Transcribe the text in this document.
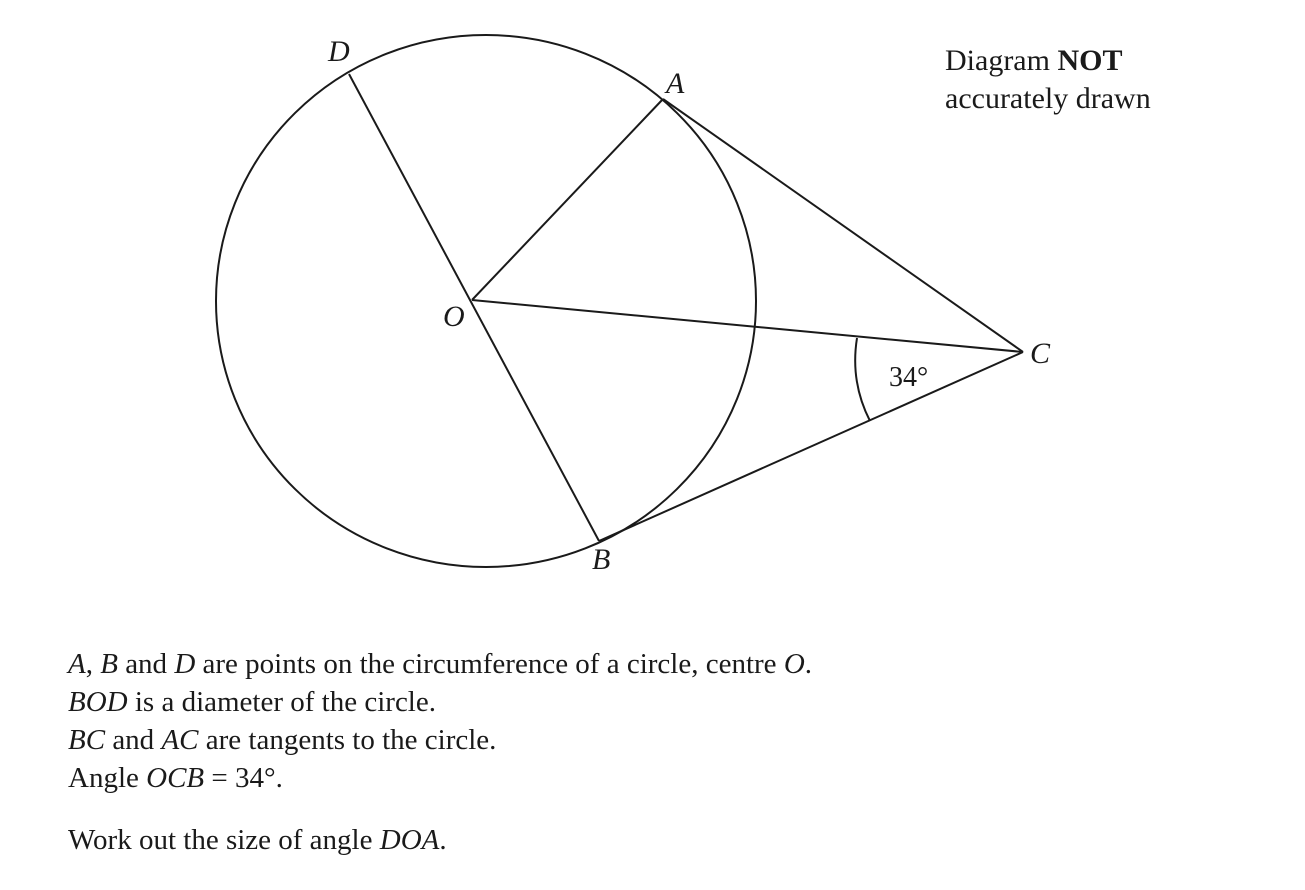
D
A
O
C
B
34°
Diagram NOT
accurately drawn

A, B and D are points on the circumference of a circle, centre O.

BOD is a diameter of the circle.

BC and AC are tangents to the circle.

Angle OCB = 34°.

Work out the size of angle DOA.
